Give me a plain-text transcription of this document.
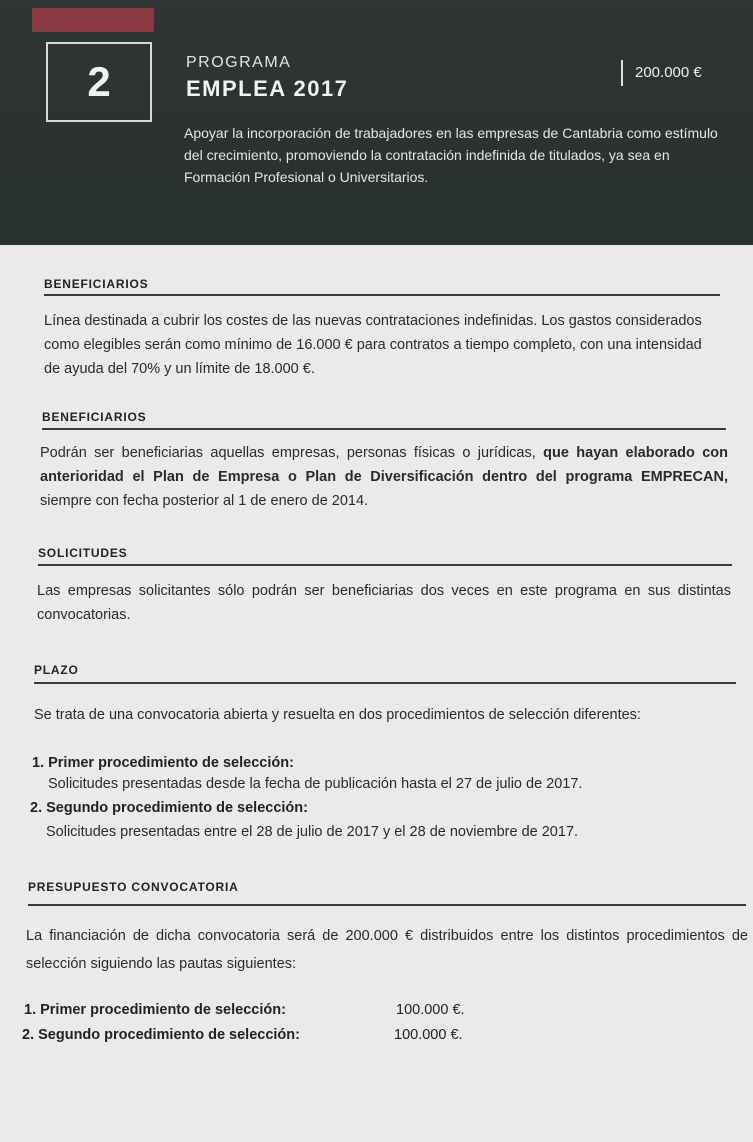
2	PROGRAMA
EMPLEA 2017
200.000 €
Apoyar la incorporación de trabajadores en las empresas de Cantabria como estímulo del crecimiento, promoviendo la contratación indefinida de titulados, ya sea en Formación Profesional o Universitarios.
BENEFICIARIOS
Línea destinada a cubrir los costes de las nuevas contrataciones indefinidas. Los gastos considerados como elegibles serán como mínimo de 16.000 € para contratos a tiempo completo, con una intensidad de ayuda del 70% y un límite de 18.000 €.
BENEFICIARIOS
Podrán ser beneficiarias aquellas empresas, personas físicas o jurídicas, que hayan elaborado con anterioridad el Plan de Empresa o Plan de Diversificación dentro del programa EMPRECAN, siempre con fecha posterior al 1 de enero de 2014.
SOLICITUDES
Las empresas solicitantes sólo podrán ser beneficiarias dos veces en este programa en sus distintas convocatorias.
PLAZO
Se trata de una convocatoria abierta y resuelta en dos procedimientos de selección diferentes:
1. Primer procedimiento de selección:
Solicitudes presentadas desde la fecha de publicación hasta el 27 de julio de 2017.
2. Segundo procedimiento de selección:
Solicitudes presentadas entre el 28 de julio de 2017 y el 28 de noviembre de 2017.
PRESUPUESTO CONVOCATORIA
La financiación de dicha convocatoria será de 200.000 € distribuidos entre los distintos procedimientos de selección siguiendo las pautas siguientes:
1. Primer procedimiento de selección:	100.000 €.
2. Segundo procedimiento de selección:	100.000 €.
